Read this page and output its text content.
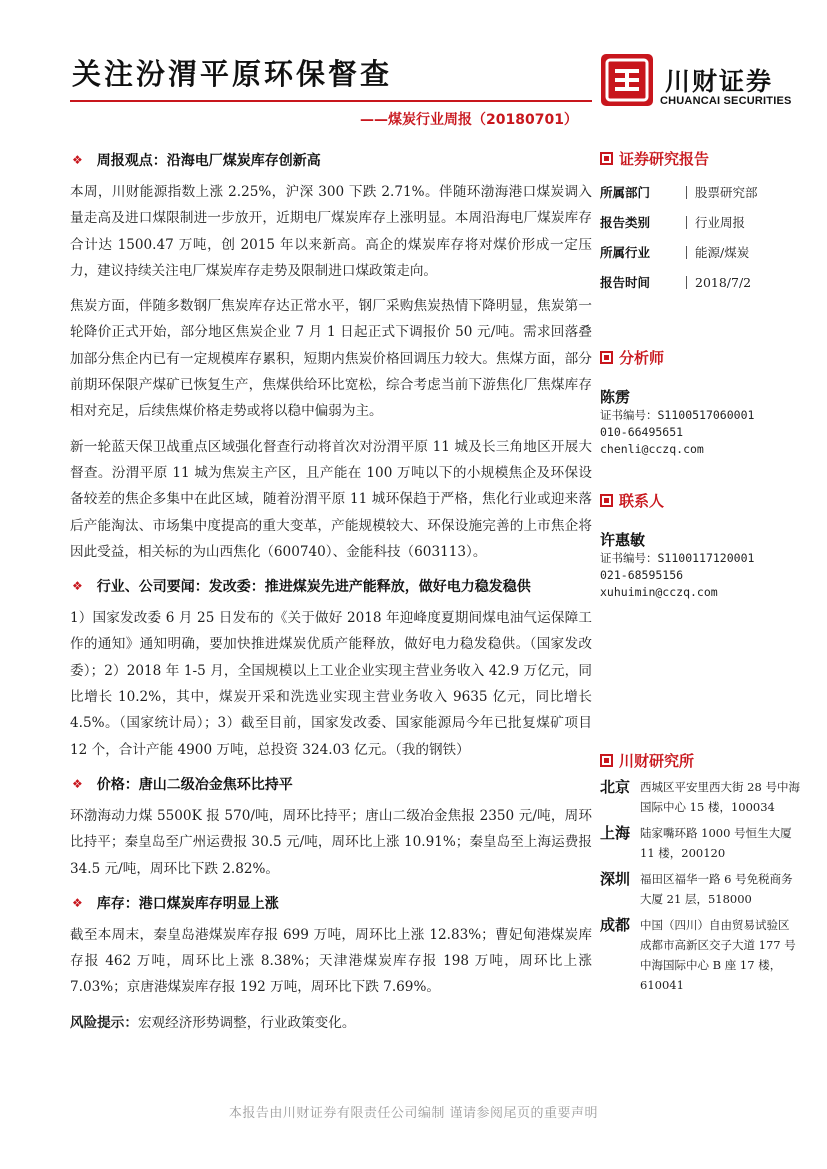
关注汾渭平原环保督查
——煤炭行业周报（20180701）
川财证券
CHUANCAI SECURITIES
❖ 周报观点：沿海电厂煤炭库存创新高

本周，川财能源指数上涨 2.25%，沪深 300 下跌 2.71%。伴随环渤海港口煤炭调入量走高及进口煤限制进一步放开，近期电厂煤炭库存上涨明显。本周沿海电厂煤炭库存合计达 1500.47 万吨，创 2015 年以来新高。高企的煤炭库存将对煤价形成一定压力，建议持续关注电厂煤炭库存走势及限制进口煤政策走向。

焦炭方面，伴随多数钢厂焦炭库存达正常水平，钢厂采购焦炭热情下降明显，焦炭第一轮降价正式开始，部分地区焦炭企业 7 月 1 日起正式下调报价 50 元/吨。需求回落叠加部分焦企内已有一定规模库存累积，短期内焦炭价格回调压力较大。焦煤方面，部分前期环保限产煤矿已恢复生产，焦煤供给环比宽松，综合考虑当前下游焦化厂焦煤库存相对充足，后续焦煤价格走势或将以稳中偏弱为主。

新一轮蓝天保卫战重点区域强化督查行动将首次对汾渭平原 11 城及长三角地区开展大督查。汾渭平原 11 城为焦炭主产区，且产能在 100 万吨以下的小规模焦企及环保设备较差的焦企多集中在此区域，随着汾渭平原 11 城环保趋于严格，焦化行业或迎来落后产能淘汰、市场集中度提高的重大变革，产能规模较大、环保设施完善的上市焦企将因此受益，相关标的为山西焦化（600740）、金能科技（603113）。

❖ 行业、公司要闻：发改委：推进煤炭先进产能释放，做好电力稳发稳供

1）国家发改委 6 月 25 日发布的《关于做好 2018 年迎峰度夏期间煤电油气运保障工作的通知》通知明确，要加快推进煤炭优质产能释放，做好电力稳发稳供。（国家发改委）；2）2018 年 1-5 月，全国规模以上工业企业实现主营业务收入 42.9 万亿元，同比增长 10.2%，其中，煤炭开采和洗选业实现主营业务收入 9635 亿元，同比增长 4.5%。（国家统计局）；3）截至目前，国家发改委、国家能源局今年已批复煤矿项目 12 个，合计产能 4900 万吨，总投资 324.03 亿元。（我的钢铁）

❖ 价格：唐山二级冶金焦环比持平

环渤海动力煤 5500K 报 570/吨，周环比持平；唐山二级冶金焦报 2350 元/吨，周环比持平；秦皇岛至广州运费报 30.5 元/吨，周环比上涨 10.91%；秦皇岛至上海运费报 34.5 元/吨，周环比下跌 2.82%。

❖ 库存：港口煤炭库存明显上涨

截至本周末，秦皇岛港煤炭库存报 699 万吨，周环比上涨 12.83%；曹妃甸港煤炭库存报 462 万吨，周环比上涨 8.38%；天津港煤炭库存报 198 万吨，周环比上涨 7.03%；京唐港煤炭库存报 192 万吨，周环比下跌 7.69%。

风险提示：宏观经济形势调整，行业政策变化。

证券研究报告
所属部门	股票研究部
报告类别	行业周报
所属行业	能源/煤炭
报告时间	2018/7/2
分析师
陈雳
证书编号：S1100517060001
010-66495651
chenli@cczq.com
联系人
许惠敏
证书编号：S1100117120001
021-68595156
xuhuimin@cczq.com
川财研究所
北京 西城区平安里西大街 28 号中海国际中心 15 楼，100034
上海 陆家嘴环路 1000 号恒生大厦 11 楼，200120
深圳 福田区福华一路 6 号免税商务大厦 21 层，518000
成都 中国（四川）自由贸易试验区成都市高新区交子大道 177 号中海国际中心 B 座 17 楼，610041
本报告由川财证券有限责任公司编制 谨请参阅尾页的重要声明
